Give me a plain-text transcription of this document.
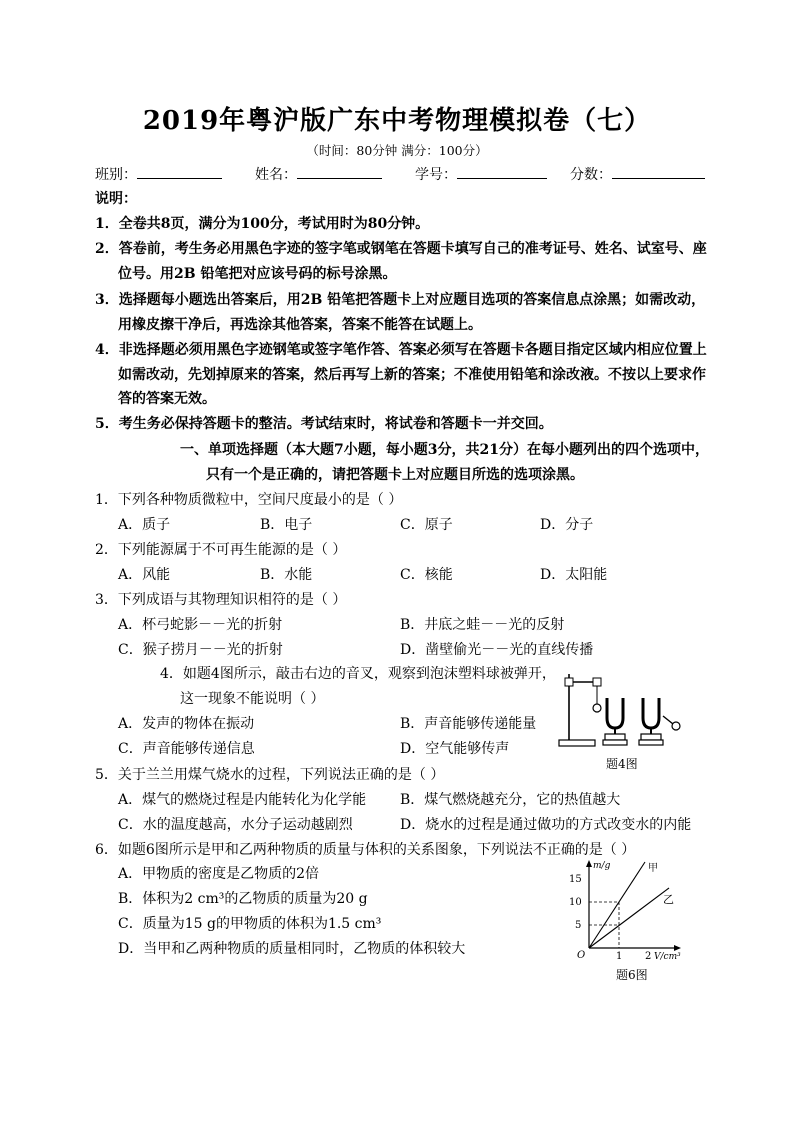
2019年粤沪版广东中考物理模拟卷（七）
（时间：80分钟 满分：100分）
班别：	姓名：	学号：	分数：
说明：
1．全卷共8页，满分为100分，考试用时为80分钟。
2．答卷前，考生务必用黑色字迹的签字笔或钢笔在答题卡填写自己的准考证号、姓名、试室号、座
位号。用2B 铅笔把对应该号码的标号涂黑。
3．选择题每小题选出答案后，用2B 铅笔把答题卡上对应题目选项的答案信息点涂黑；如需改动，
用橡皮擦干净后，再选涂其他答案，答案不能答在试题上。
4．非选择题必须用黑色字迹钢笔或签字笔作答、答案必须写在答题卡各题目指定区域内相应位置上
如需改动，先划掉原来的答案，然后再写上新的答案；不准使用铅笔和涂改液。不按以上要求作
答的答案无效。
5．考生务必保持答题卡的整洁。考试结束时，将试卷和答题卡一并交回。
一、单项选择题（本大题7小题，每小题3分，共21分）在每小题列出的四个选项中，
只有一个是正确的，请把答题卡上对应题目所选的选项涂黑。
1．下列各种物质微粒中，空间尺度最小的是（ ）
A．质子	B．电子	C．原子	D．分子
2．下列能源属于不可再生能源的是（ ）
A．风能	B．水能	C．核能	D．太阳能
3．下列成语与其物理知识相符的是（ ）
A．杯弓蛇影－－光的折射	B．井底之蛙－－光的反射
C．猴子捞月－－光的折射	D．凿壁偷光－－光的直线传播
4．如题4图所示，敲击右边的音叉，观察到泡沫塑料球被弹开，
这一现象不能说明（ ）
A．发声的物体在振动	B．声音能够传递能量
C．声音能够传递信息	D．空气能够传声
题4图
5．关于兰兰用煤气烧水的过程，下列说法正确的是（ ）
A．煤气的燃烧过程是内能转化为化学能 B．煤气燃烧越充分，它的热值越大
C．水的温度越高，水分子运动越剧烈	D．烧水的过程是通过做功的方式改变水的内能
6．如题6图所示是甲和乙两种物质的质量与体积的关系图象，下列说法不正确的是（ ）
A．甲物质的密度是乙物质的2倍
B．体积为2 cm³的乙物质的质量为20 g
C．质量为15 g的甲物质的体积为1.5 cm³
D．当甲和乙两种物质的质量相同时，乙物质的体积较大
m/g
15
10
5
O	1 2 V/cm³
甲
乙
题6图
